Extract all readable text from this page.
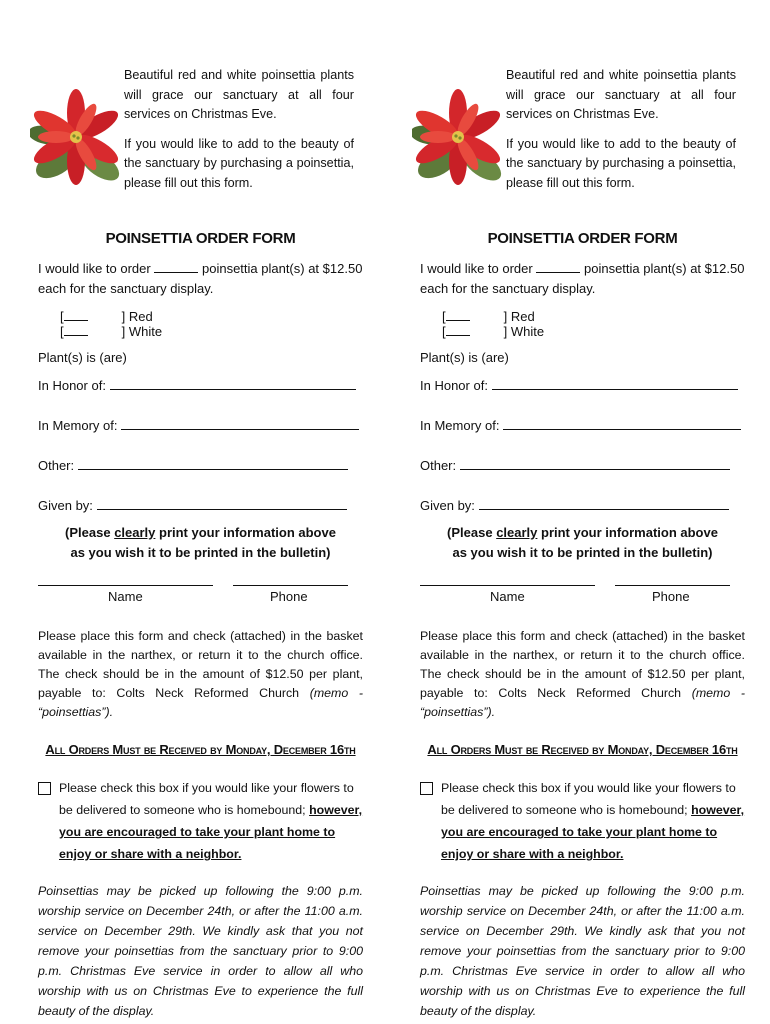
Beautiful red and white poinsettia plants will grace our sanctuary at all four services on Christmas Eve.

If you would like to add to the beauty of the sanctuary by purchasing a poinsettia, please fill out this form.

POINSETTIA ORDER FORM

I would like to order	poinsettia plant(s) at $12.50 each for the sanctuary display.

[	] Red [	] White

Plant(s) is (are)

In Honor of:

In Memory of:

Other:

Given by:

(Please clearly print your information above
as you wish it to be printed in the bulletin)
Name	Phone

Please place this form and check (attached) in the basket available in the narthex, or return it to the church office. The check should be in the amount of $12.50 per plant, payable to: Colts Neck Reformed Church (memo - “poinsettias”).

All Orders Must be Received by Monday, December 16th
Please check this box if you would like your flowers to be delivered to someone who is homebound; however, you are encouraged to take your plant home to enjoy or share with a neighbor.

Poinsettias may be picked up following the 9:00 p.m. worship service on December 24th, or after the 11:00 a.m. service on December 29th. We kindly ask that you not remove your poinsettias from the sanctuary prior to 9:00 p.m. Christmas Eve service in order to allow all who worship with us on Christmas Eve to experience the full beauty of the display.

Beautiful red and white poinsettia plants will grace our sanctuary at all four services on Christmas Eve.

If you would like to add to the beauty of the sanctuary by purchasing a poinsettia, please fill out this form.

POINSETTIA ORDER FORM

I would like to order	poinsettia plant(s) at $12.50 each for the sanctuary display.

[	] Red [	] White

Plant(s) is (are)

In Honor of:

In Memory of:

Other:

Given by:

(Please clearly print your information above
as you wish it to be printed in the bulletin)
Name	Phone

Please place this form and check (attached) in the basket available in the narthex, or return it to the church office. The check should be in the amount of $12.50 per plant, payable to: Colts Neck Reformed Church (memo - “poinsettias”).

All Orders Must be Received by Monday, December 16th
Please check this box if you would like your flowers to be delivered to someone who is homebound; however, you are encouraged to take your plant home to enjoy or share with a neighbor.

Poinsettias may be picked up following the 9:00 p.m. worship service on December 24th, or after the 11:00 a.m. service on December 29th. We kindly ask that you not remove your poinsettias from the sanctuary prior to 9:00 p.m. Christmas Eve service in order to allow all who worship with us on Christmas Eve to experience the full beauty of the display.
